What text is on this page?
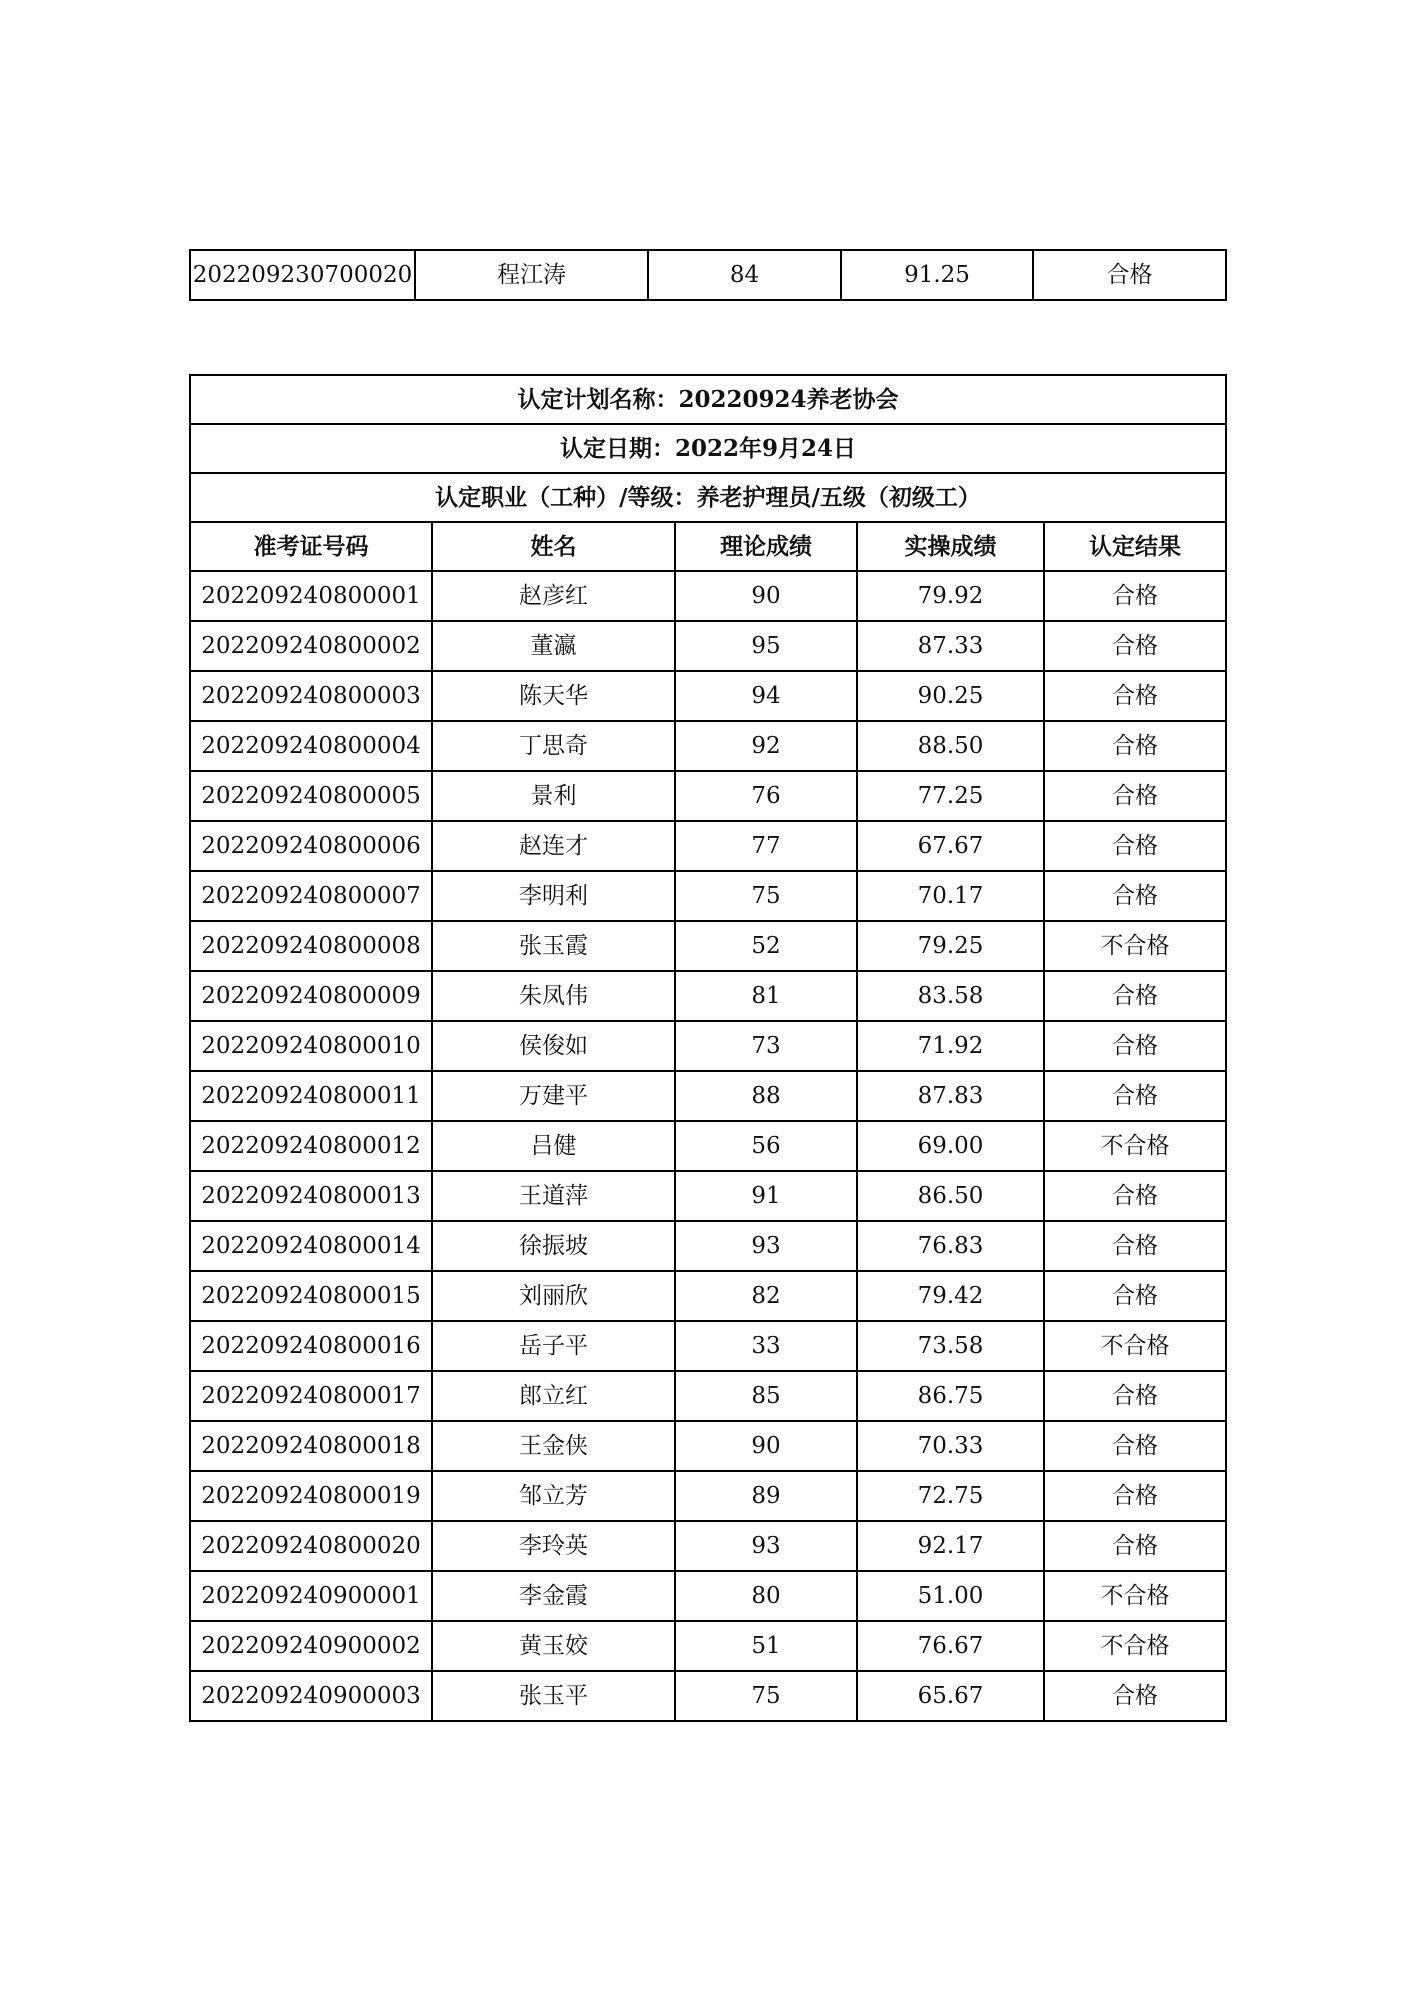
202209230700020	程江涛	84	91.25	合格
认定计划名称：20220924养老协会				
认定日期：2022年9月24日				
认定职业（工种）/等级：养老护理员/五级（初级工）				
准考证号码	姓名	理论成绩	实操成绩	认定结果
202209240800001	赵彦红	90	79.92	合格
202209240800002	董瀛	95	87.33	合格
202209240800003	陈天华	94	90.25	合格
202209240800004	丁思奇	92	88.50	合格
202209240800005	景利	76	77.25	合格
202209240800006	赵连才	77	67.67	合格
202209240800007	李明利	75	70.17	合格
202209240800008	张玉霞	52	79.25	不合格
202209240800009	朱凤伟	81	83.58	合格
202209240800010	侯俊如	73	71.92	合格
202209240800011	万建平	88	87.83	合格
202209240800012	吕健	56	69.00	不合格
202209240800013	王道萍	91	86.50	合格
202209240800014	徐振坡	93	76.83	合格
202209240800015	刘丽欣	82	79.42	合格
202209240800016	岳子平	33	73.58	不合格
202209240800017	郎立红	85	86.75	合格
202209240800018	王金侠	90	70.33	合格
202209240800019	邹立芳	89	72.75	合格
202209240800020	李玲英	93	92.17	合格
202209240900001	李金霞	80	51.00	不合格
202209240900002	黄玉姣	51	76.67	不合格
202209240900003	张玉平	75	65.67	合格
